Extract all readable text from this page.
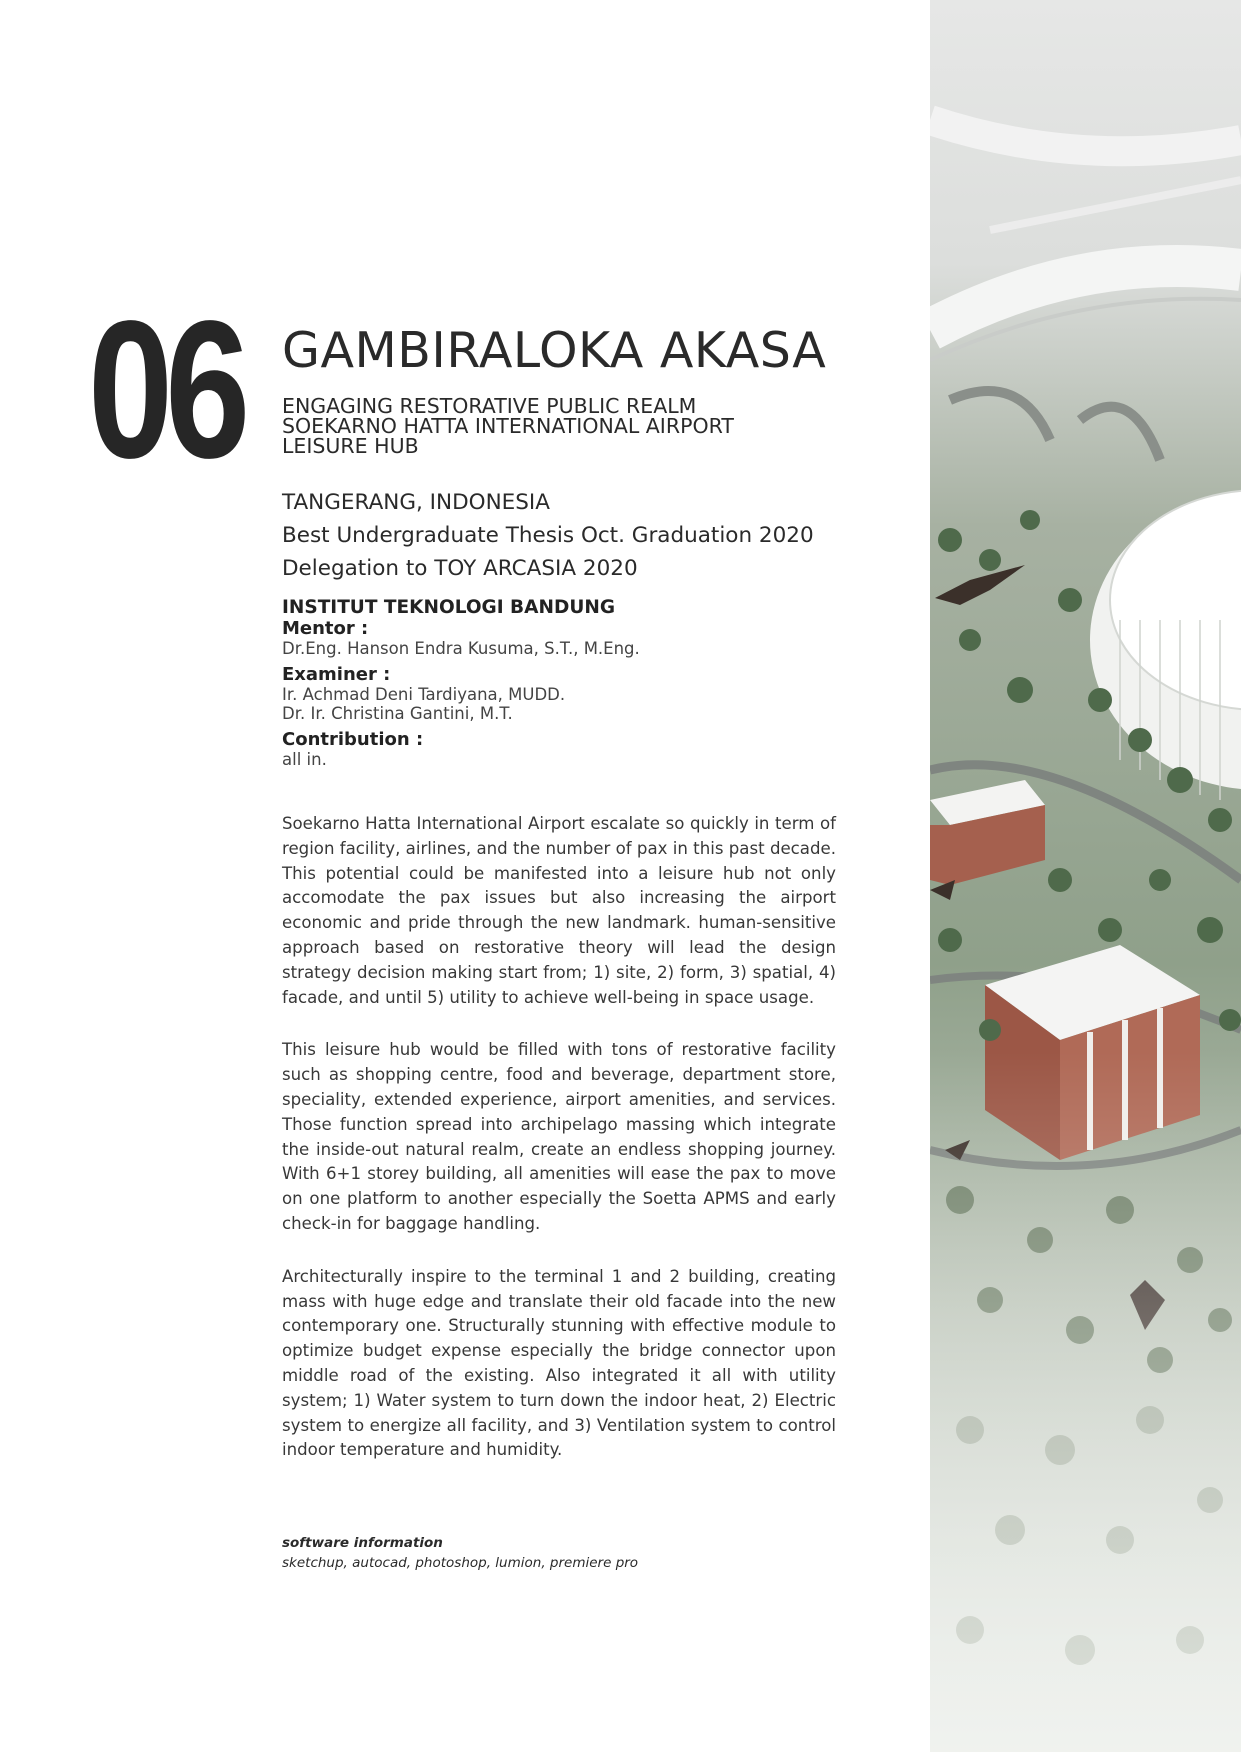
06 GAMBIRALOKA AKASA
ENGAGING RESTORATIVE PUBLIC REALM
SOEKARNO HATTA INTERNATIONAL AIRPORT
LEISURE HUB
TANGERANG, INDONESIA
Best Undergraduate Thesis Oct. Graduation 2020
Delegation to TOY ARCASIA 2020
INSTITUT TEKNOLOGI BANDUNG
Mentor :
Dr.Eng. Hanson Endra Kusuma, S.T., M.Eng.
Examiner :
Ir. Achmad Deni Tardiyana, MUDD.
Dr. Ir. Christina Gantini, M.T.
Contribution :
all in.

Soekarno Hatta International Airport escalate so quickly in term of region facility, airlines, and the number of pax in this past decade. This potential could be manifested into a leisure hub not only accomodate the pax issues but also increasing the airport economic and pride through the new landmark. human-sensitive approach based on restorative theory will lead the design strategy decision making start from; 1) site, 2) form, 3) spatial, 4) facade, and until 5) utility to achieve well-being in space usage.

This leisure hub would be filled with tons of restorative facility such as shopping centre, food and beverage, department store, speciality, extended experience, airport amenities, and services. Those function spread into archipelago massing which integrate the inside-out natural realm, create an endless shopping journey. With 6+1 storey building, all amenities will ease the pax to move on one platform to another especially the Soetta APMS and early check-in for baggage handling.

Architecturally inspire to the terminal 1 and 2 building, creating mass with huge edge and translate their old facade into the new contemporary one. Structurally stunning with effective module to optimize budget expense especially the bridge connector upon middle road of the existing. Also integrated it all with utility system; 1) Water system to turn down the indoor heat, 2) Electric system to energize all facility, and 3) Ventilation system to control indoor temperature and humidity.

software information
sketchup, autocad, photoshop, lumion, premiere pro
